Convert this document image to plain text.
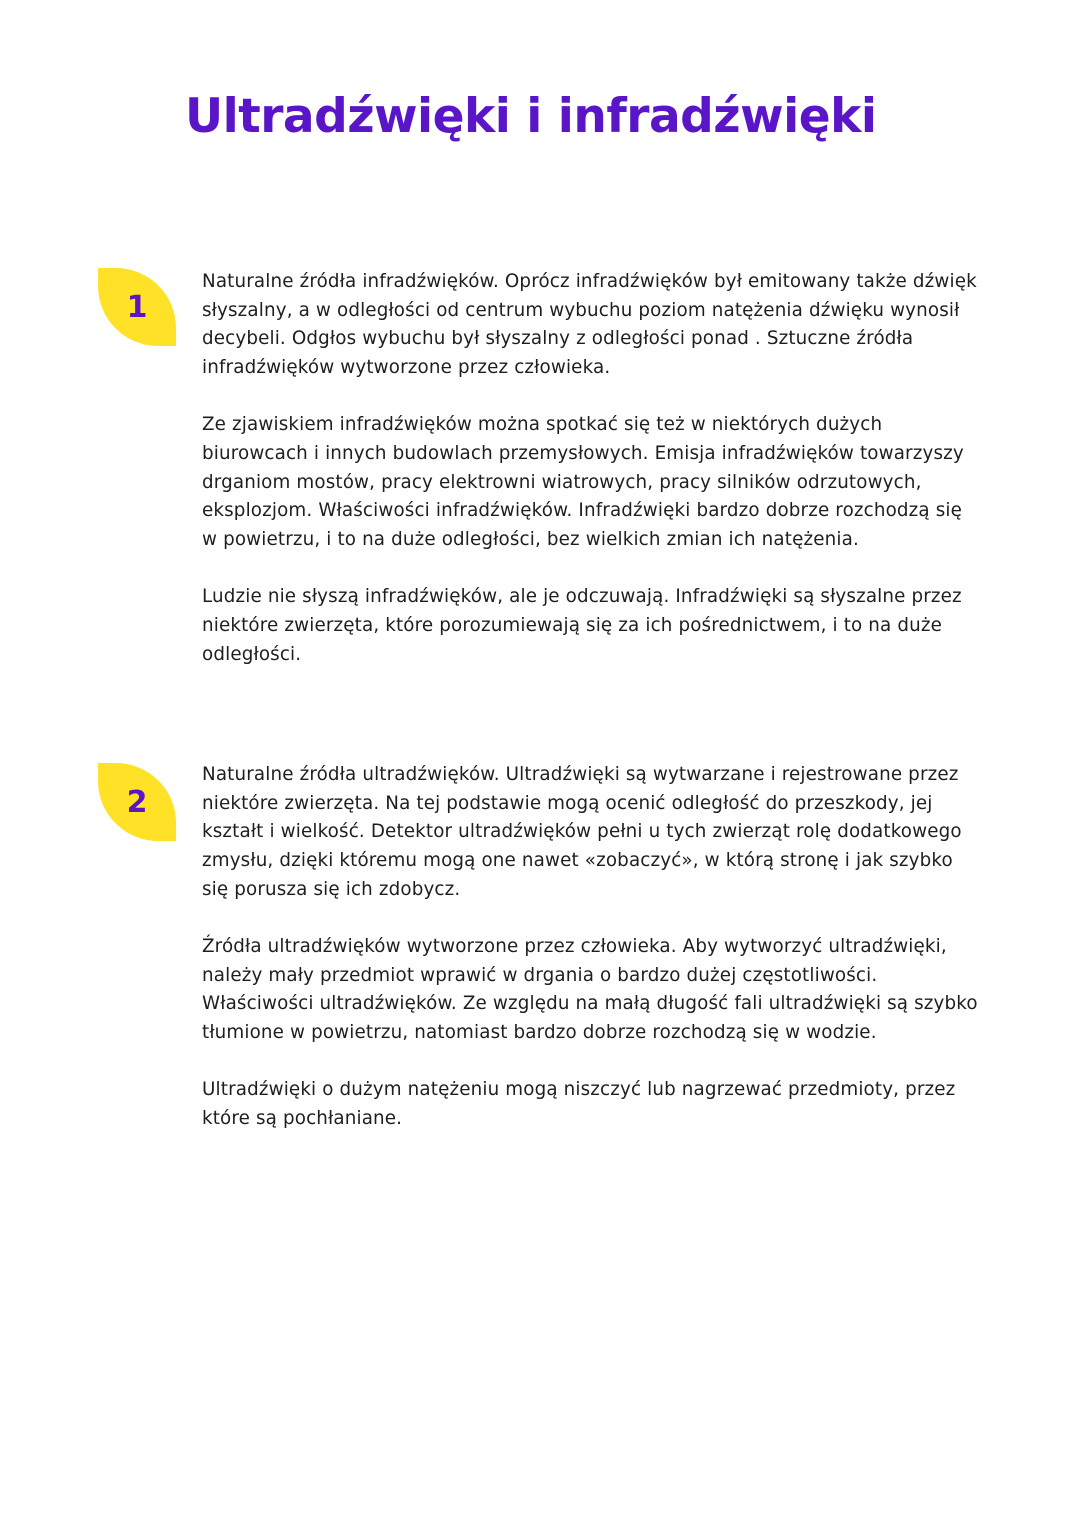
Ultradźwięki i infradźwięki
1

Naturalne źródła infradźwięków. Oprócz infradźwięków był emitowany także dźwięk słyszalny, a w odległości od centrum wybuchu poziom natężenia dźwięku wynosił decybeli. Odgłos wybuchu był słyszalny z odległości ponad . Sztuczne źródła infradźwięków wytworzone przez człowieka.

Ze zjawiskiem infradźwięków można spotkać się też w niektórych dużych biurowcach i innych budowlach przemysłowych. Emisja infradźwięków towarzyszy drganiom mostów, pracy elektrowni wiatrowych, pracy silników odrzutowych, eksplozjom. Właściwości infradźwięków. Infradźwięki bardzo dobrze rozchodzą się w powietrzu, i to na duże odległości, bez wielkich zmian ich natężenia.

Ludzie nie słyszą infradźwięków, ale je odczuwają. Infradźwięki są słyszalne przez niektóre zwierzęta, które porozumiewają się za ich pośrednictwem, i to na duże odległości.

2

Naturalne źródła ultradźwięków. Ultradźwięki są wytwarzane i rejestrowane przez niektóre zwierzęta. Na tej podstawie mogą ocenić odległość do przeszkody, jej kształt i wielkość. Detektor ultradźwięków pełni u tych zwierząt rolę dodatkowego zmysłu, dzięki któremu mogą one nawet «zobaczyć», w którą stronę i jak szybko się porusza się ich zdobycz.

Źródła ultradźwięków wytworzone przez człowieka. Aby wytworzyć ultradźwięki, należy mały przedmiot wprawić w drgania o bardzo dużej częstotliwości. Właściwości ultradźwięków. Ze względu na małą długość fali ultradźwięki są szybko tłumione w powietrzu, natomiast bardzo dobrze rozchodzą się w wodzie.

Ultradźwięki o dużym natężeniu mogą niszczyć lub nagrzewać przedmioty, przez które są pochłaniane.
